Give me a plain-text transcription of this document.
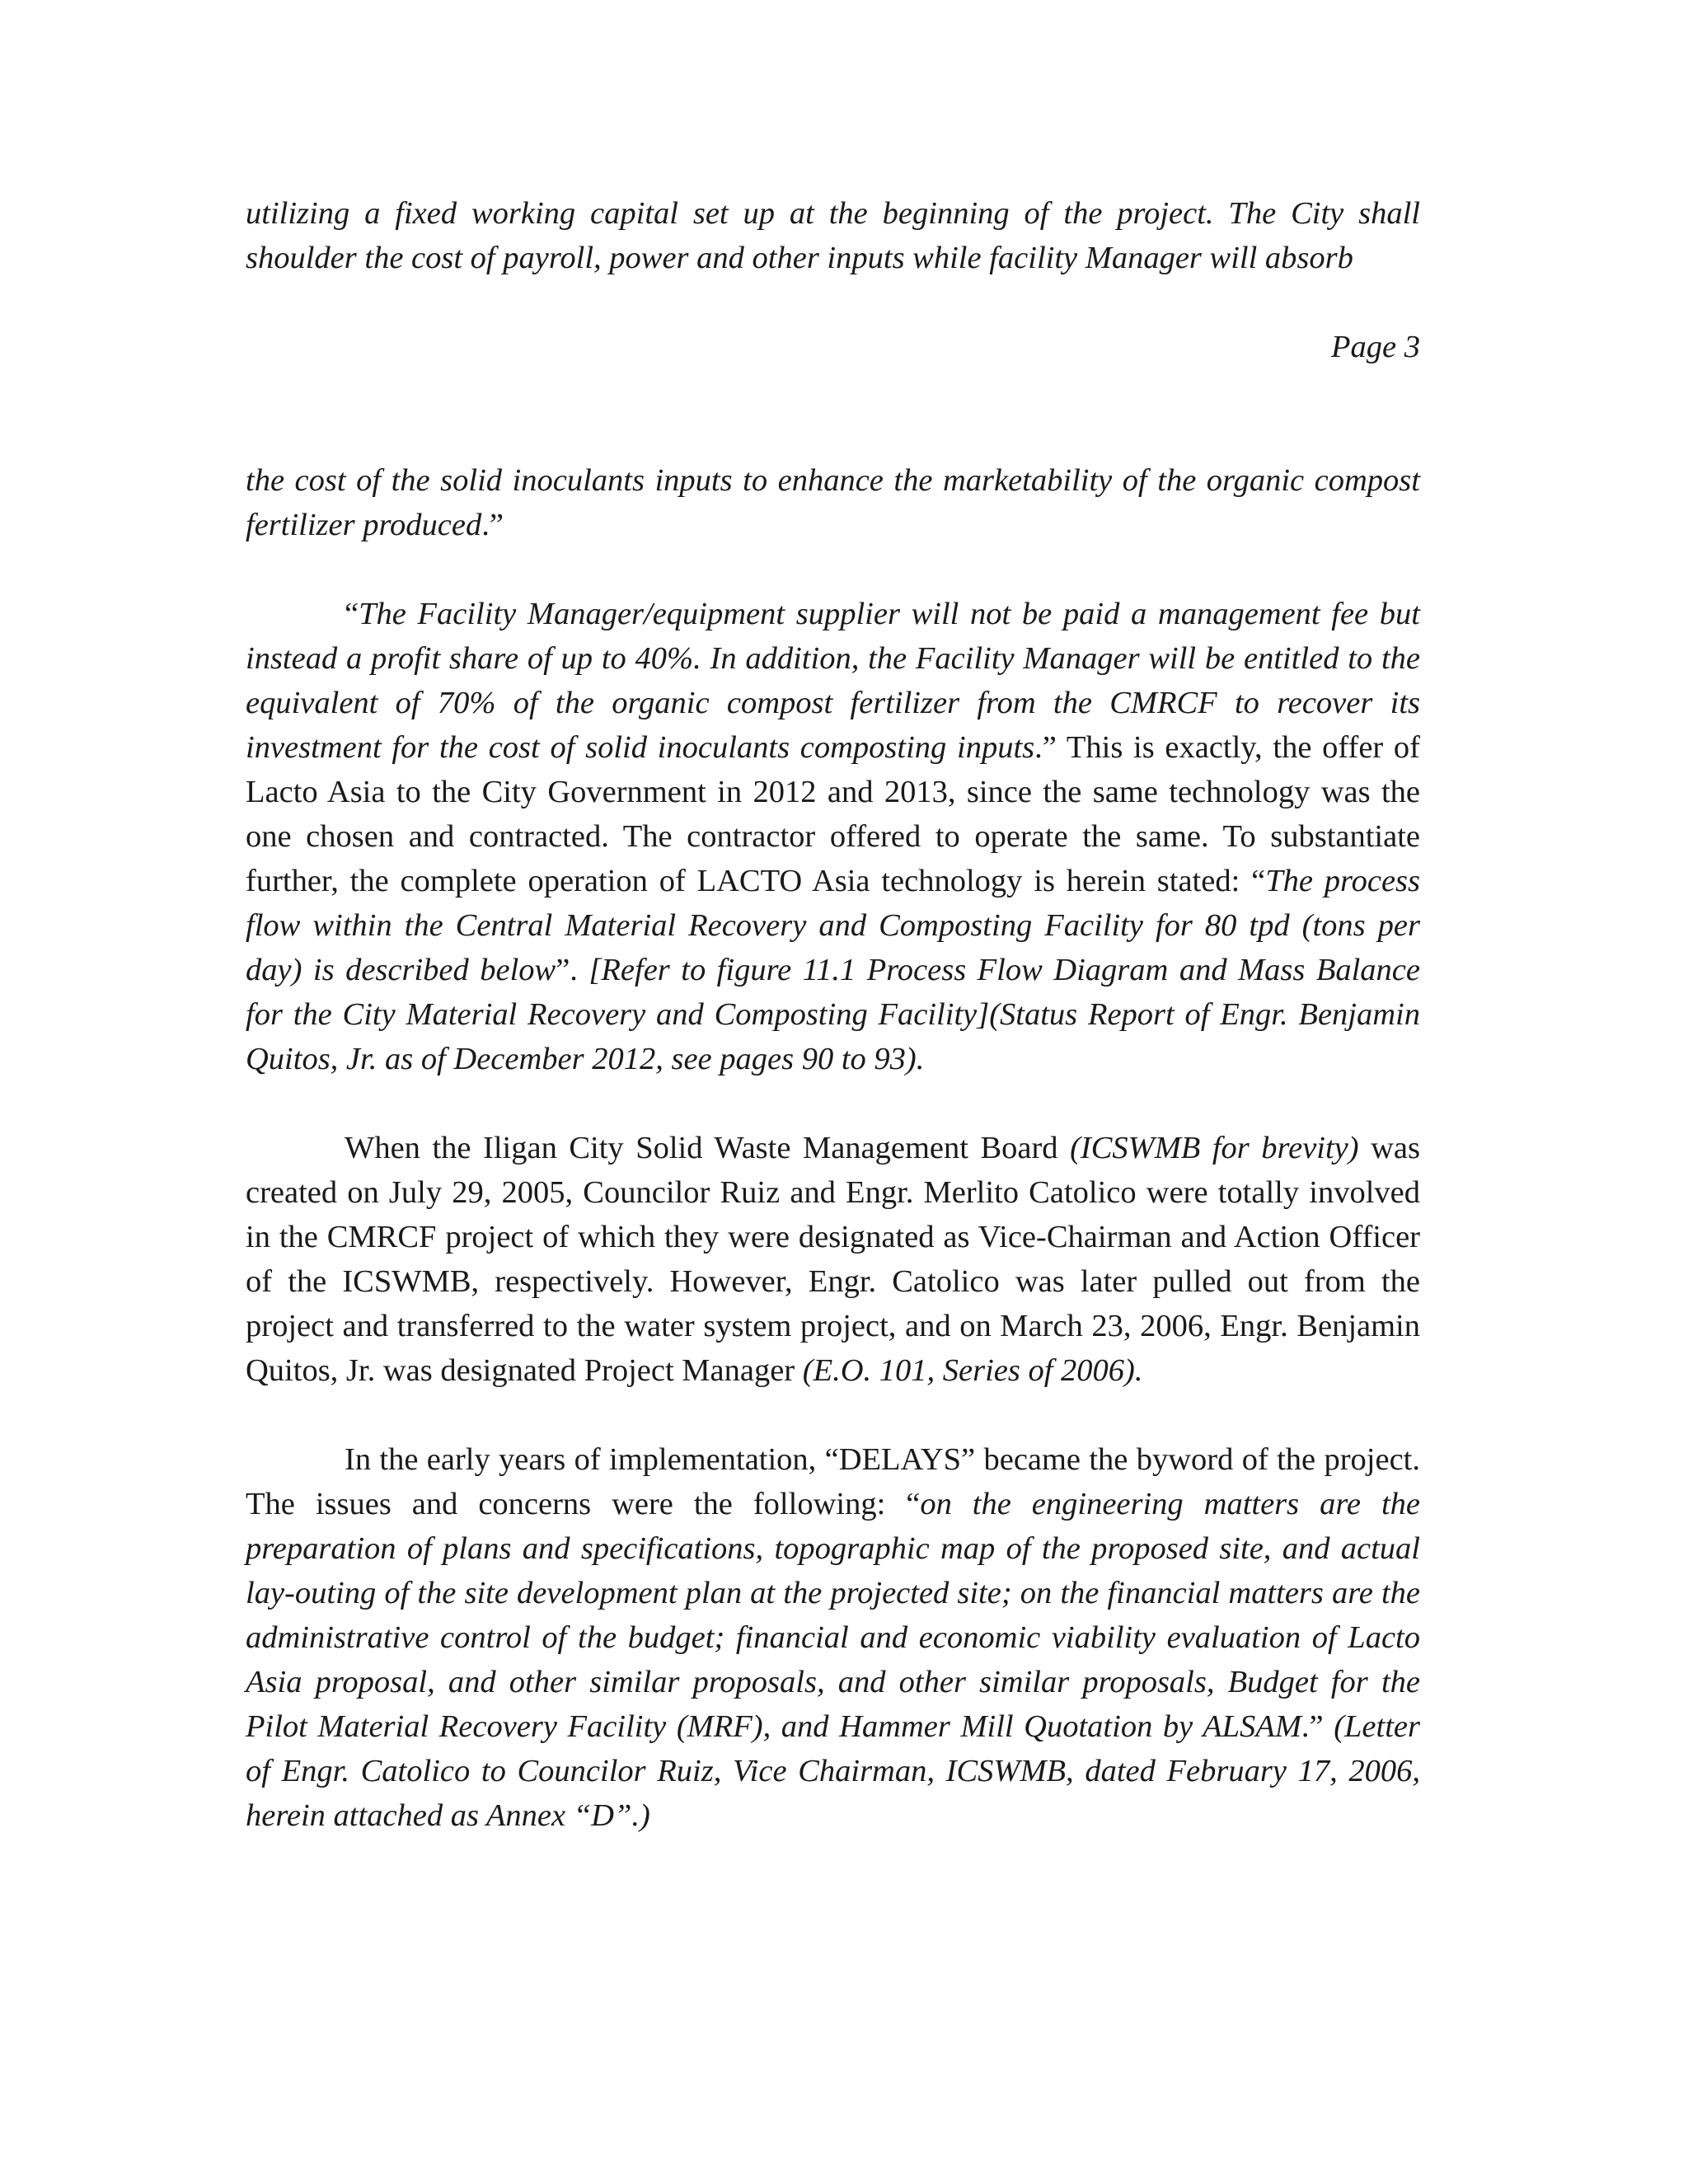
utilizing a fixed working capital set up at the beginning of the project. The City shall shoulder the cost of payroll, power and other inputs while facility Manager will absorb

Page 3

the cost of the solid inoculants inputs to enhance the marketability of the organic compost fertilizer produced.”

“The Facility Manager/equipment supplier will not be paid a management fee but instead a profit share of up to 40%. In addition, the Facility Manager will be entitled to the equivalent of 70% of the organic compost fertilizer from the CMRCF to recover its investment for the cost of solid inoculants composting inputs.” This is exactly, the offer of Lacto Asia to the City Government in 2012 and 2013, since the same technology was the one chosen and contracted. The contractor offered to operate the same. To substantiate further, the complete operation of LACTO Asia technology is herein stated: “The process flow within the Central Material Recovery and Composting Facility for 80 tpd (tons per day) is described below”. [Refer to figure 11.1 Process Flow Diagram and Mass Balance for the City Material Recovery and Composting Facility](Status Report of Engr. Benjamin Quitos, Jr. as of December 2012, see pages 90 to 93).

When the Iligan City Solid Waste Management Board (ICSWMB for brevity) was created on July 29, 2005, Councilor Ruiz and Engr. Merlito Catolico were totally involved in the CMRCF project of which they were designated as Vice-Chairman and Action Officer of the ICSWMB, respectively. However, Engr. Catolico was later pulled out from the project and transferred to the water system project, and on March 23, 2006, Engr. Benjamin Quitos, Jr. was designated Project Manager (E.O. 101, Series of 2006).

In the early years of implementation, “DELAYS” became the byword of the project. The issues and concerns were the following: “on the engineering matters are the preparation of plans and specifications, topographic map of the proposed site, and actual lay-outing of the site development plan at the projected site; on the financial matters are the administrative control of the budget; financial and economic viability evaluation of Lacto Asia proposal, and other similar proposals, and other similar proposals, Budget for the Pilot Material Recovery Facility (MRF), and Hammer Mill Quotation by ALSAM.” (Letter of Engr. Catolico to Councilor Ruiz, Vice Chairman, ICSWMB, dated February 17, 2006, herein attached as Annex “D”.)
